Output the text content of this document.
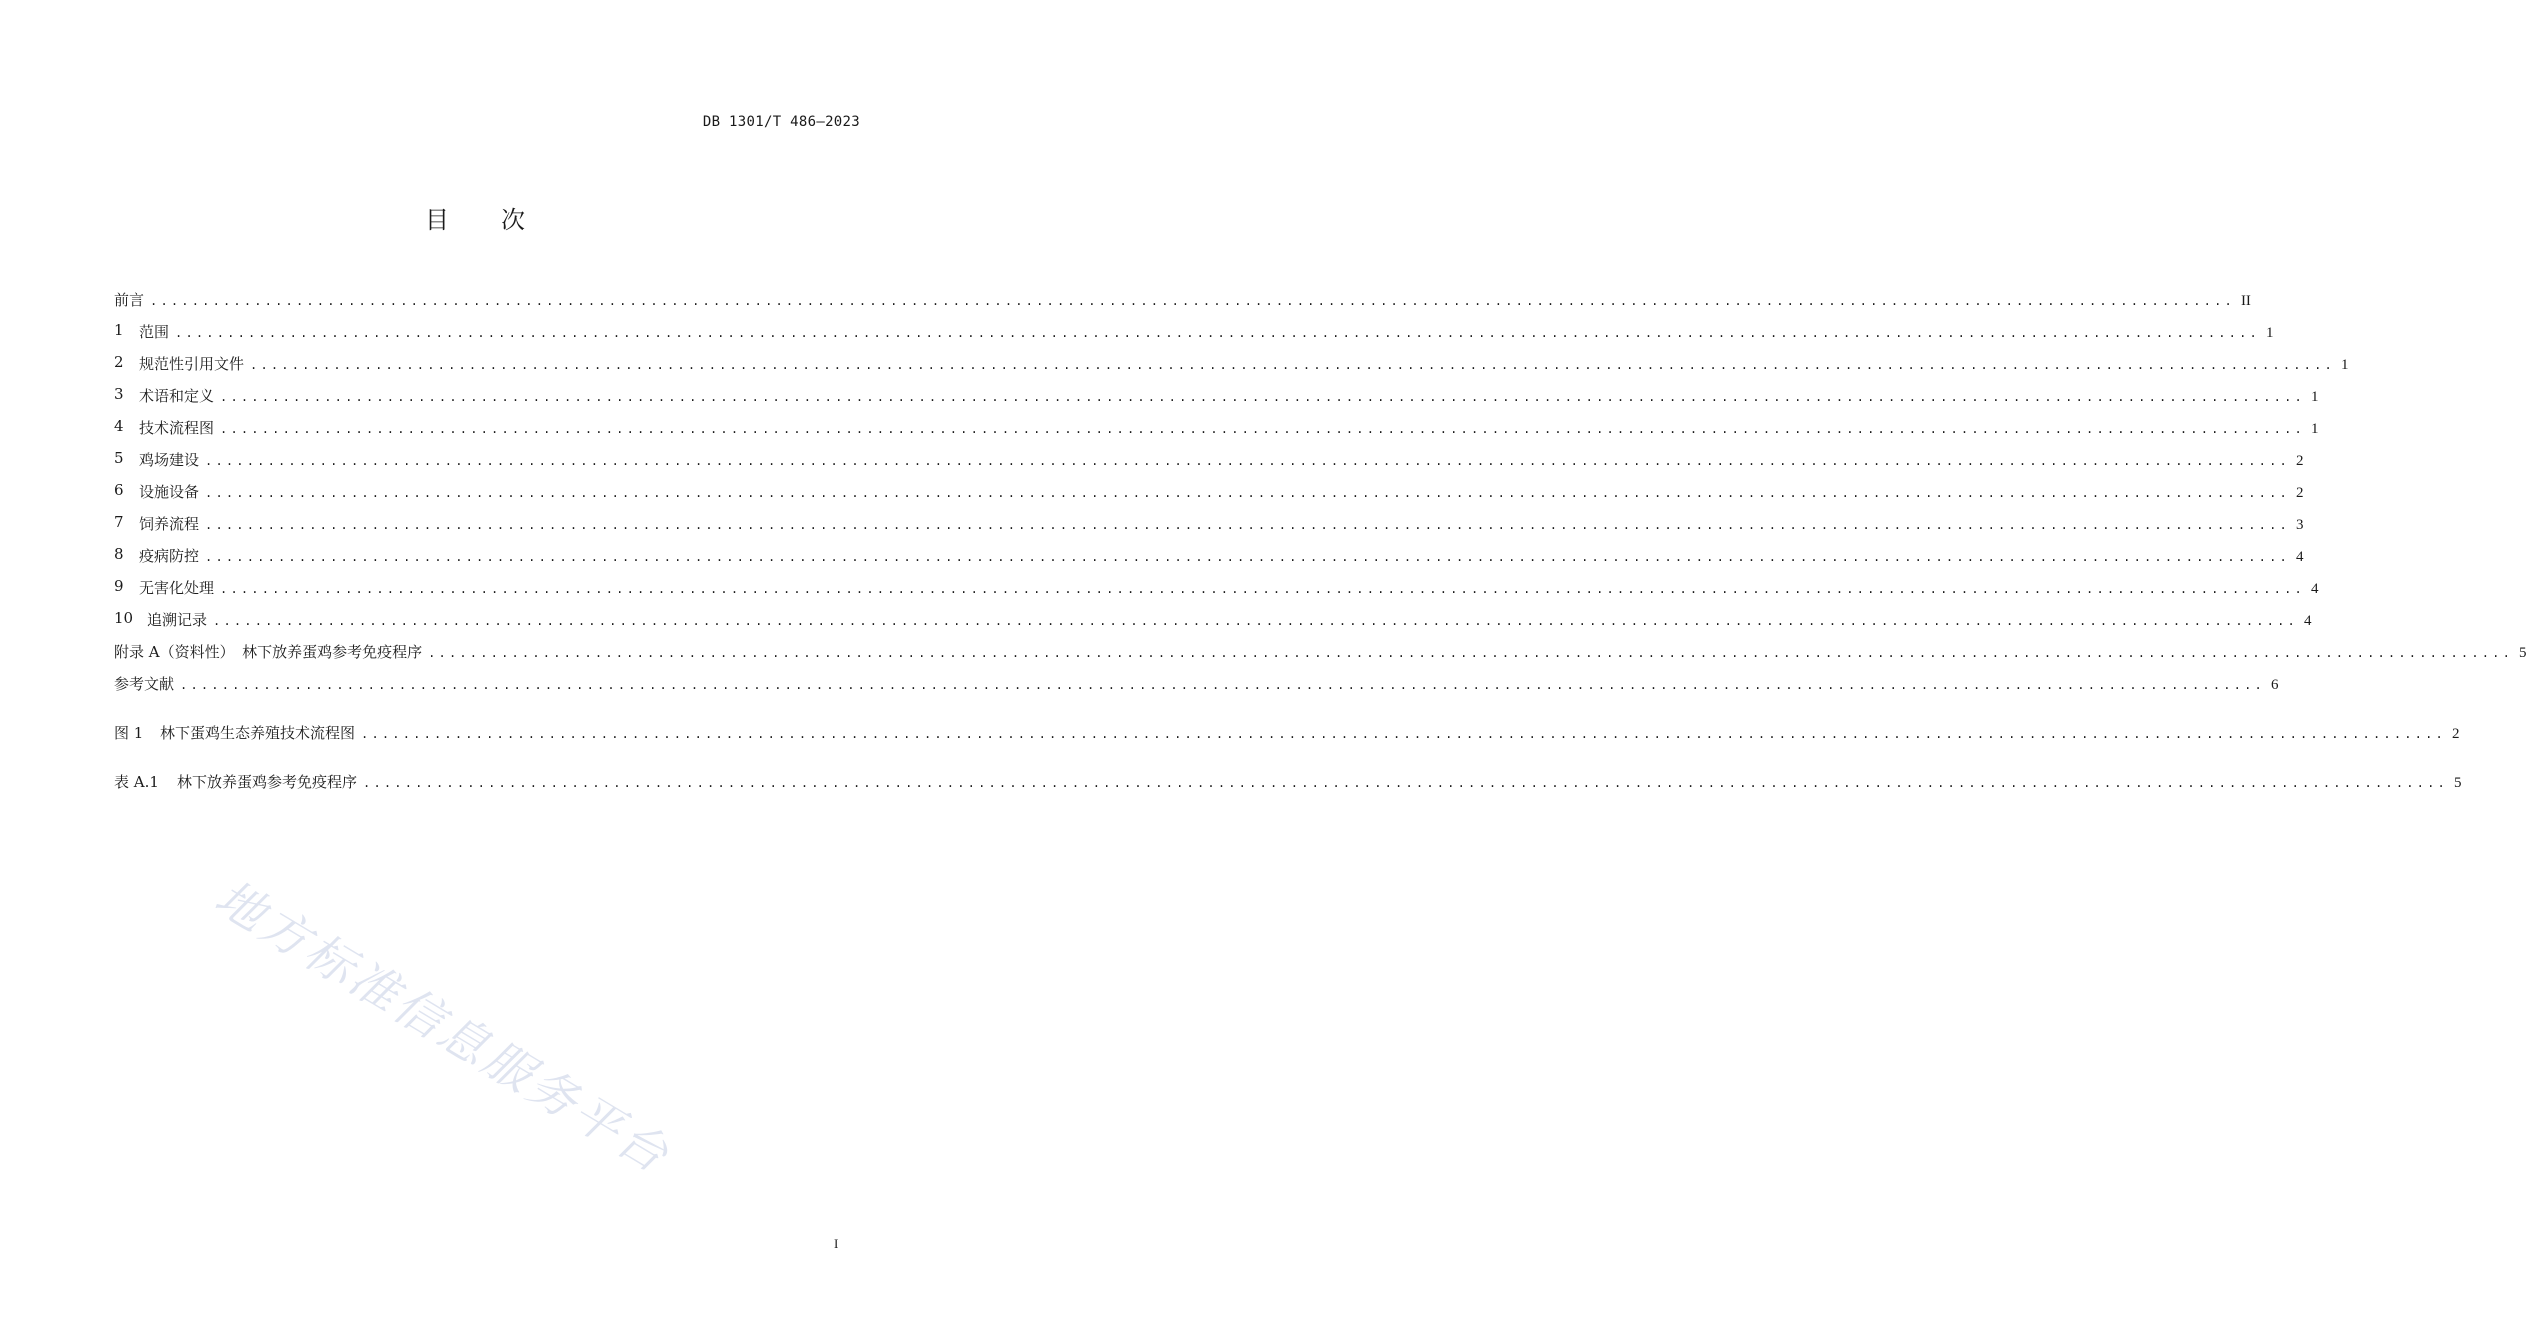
DB 1301/T 486—2023
目 次
前言 ........................................................................................................................................................................................................ II
1	范围 ........................................................................................................................................................................................................ 1
2	规范性引用文件 ........................................................................................................................................................................................................ 1
3	术语和定义 ........................................................................................................................................................................................................ 1
4	技术流程图 ........................................................................................................................................................................................................ 1
5	鸡场建设 ........................................................................................................................................................................................................ 2
6	设施设备 ........................................................................................................................................................................................................ 2
7	饲养流程 ........................................................................................................................................................................................................ 3
8	疫病防控 ........................................................................................................................................................................................................ 4
9	无害化处理 ........................................................................................................................................................................................................ 4
10 追溯记录 ........................................................................................................................................................................................................ 4
附录 A（资料性）　林下放养蛋鸡参考免疫程序 ........................................................................................................................................................................................................ 5
参考文献 ........................................................................................................................................................................................................ 6
图 1	林下蛋鸡生态养殖技术流程图 ........................................................................................................................................................................................................ 2
表 A.1	林下放养蛋鸡参考免疫程序 ........................................................................................................................................................................................................ 5
地方标准信息服务平台
I
